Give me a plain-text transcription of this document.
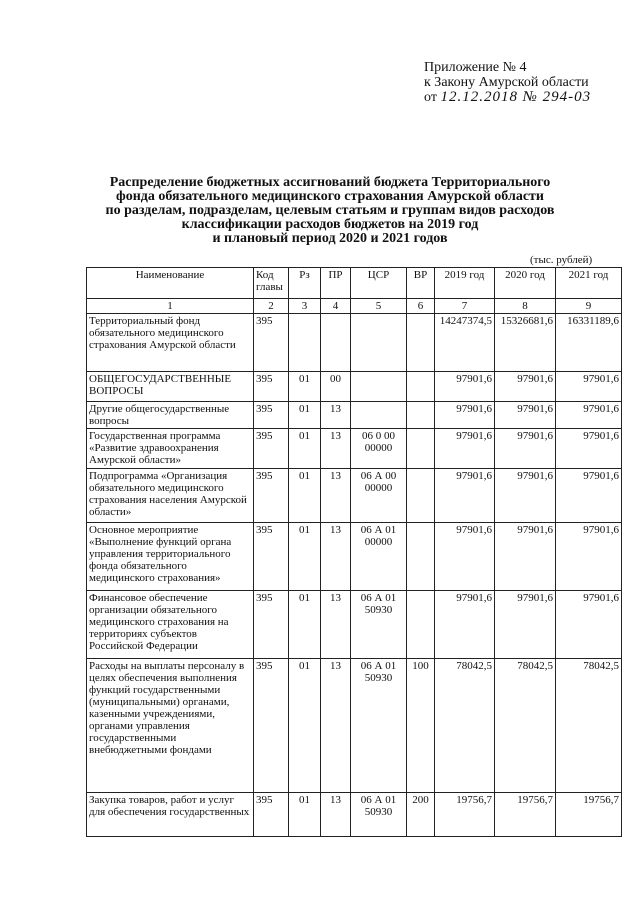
Приложение № 4
к Закону Амурской области
от 12.12.2018 № 294-03
Распределение бюджетных ассигнований бюджета Территориального
фонда обязательного медицинского страхования Амурской области
по разделам, подразделам, целевым статьям и группам видов расходов
классификации расходов бюджетов на 2019 год
и плановый период 2020 и 2021 годов
(тыс. рублей)
Наименование	Код главы	Рз	ПР	ЦСР	ВР	2019 год	2020 год	2021 год
1	2	3	4	5	6	7	8	9
Территориальный фонд обязательного медицинского страхования Амурской области	395					14247374,5	15326681,6	16331189,6
ОБЩЕГОСУДАРСТВЕННЫЕ ВОПРОСЫ	395	01	00			97901,6	97901,6	97901,6
Другие общегосударственные вопросы	395	01	13			97901,6	97901,6	97901,6
Государственная программа «Развитие здравоохранения Амурской области»	395	01	13	06 0 00 00000		97901,6	97901,6	97901,6
Подпрограмма «Организация обязательного медицинского страхования населения Амурской области»	395	01	13	06 А 00 00000		97901,6	97901,6	97901,6
Основное мероприятие «Выполнение функций органа управления территориального фонда обязательного медицинского страхования»	395	01	13	06 А 01 00000		97901,6	97901,6	97901,6
Финансовое обеспечение организации обязательного медицинского страхования на территориях субъектов Российской Федерации	395	01	13	06 А 01 50930		97901,6	97901,6	97901,6
Расходы на выплаты персоналу в целях обеспечения выполнения функций государственными (муниципальными) органами, казенными учреждениями, органами управления государственными внебюджетными фондами	395	01	13	06 А 01 50930	100	78042,5	78042,5	78042,5
Закупка товаров, работ и услуг для обеспечения государственных	395	01	13	06 А 01 50930	200	19756,7	19756,7	19756,7
